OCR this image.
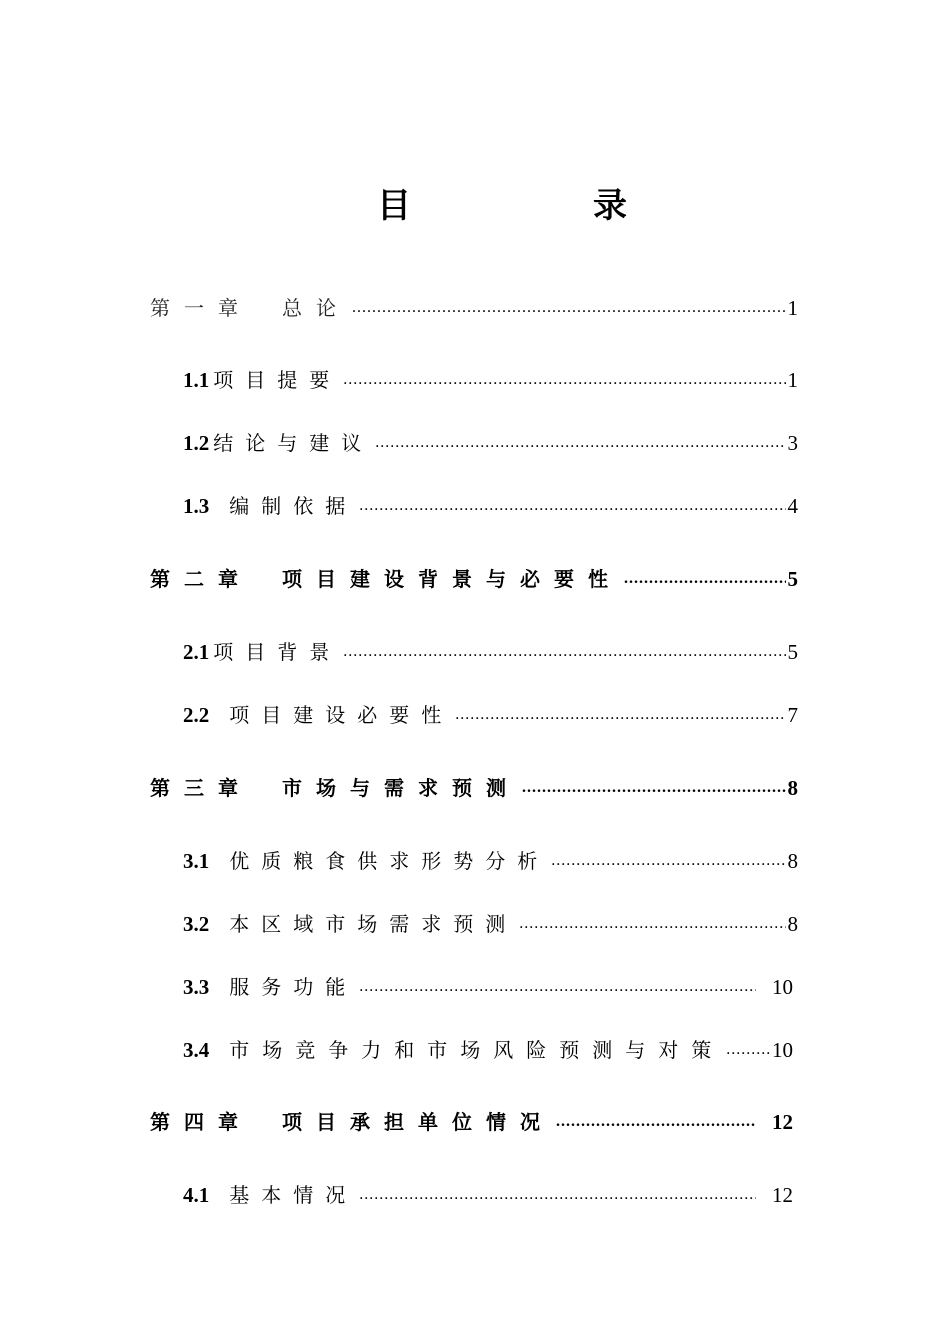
目	录
第一章 总论 .....	1
1.1 项目提要 .....	1
1.2 结论与建议 .....	3
1.3 编制依据 .....	4
第二章 项目建设背景与必要性 .....	5
2.1 项目背景 .....	5
2.2 项目建设必要性 .....	7
第三章 市场与需求预测 .....	8
3.1 优质粮食供求形势分析 .....	8
3.2 本区域市场需求预测 .....	8
3.3 服务功能 .....	10
3.4 市场竞争力和市场风险预测与对策 ..... 10
第四章 项目承担单位情况 .....	12
4.1 基本情况 .....	12
